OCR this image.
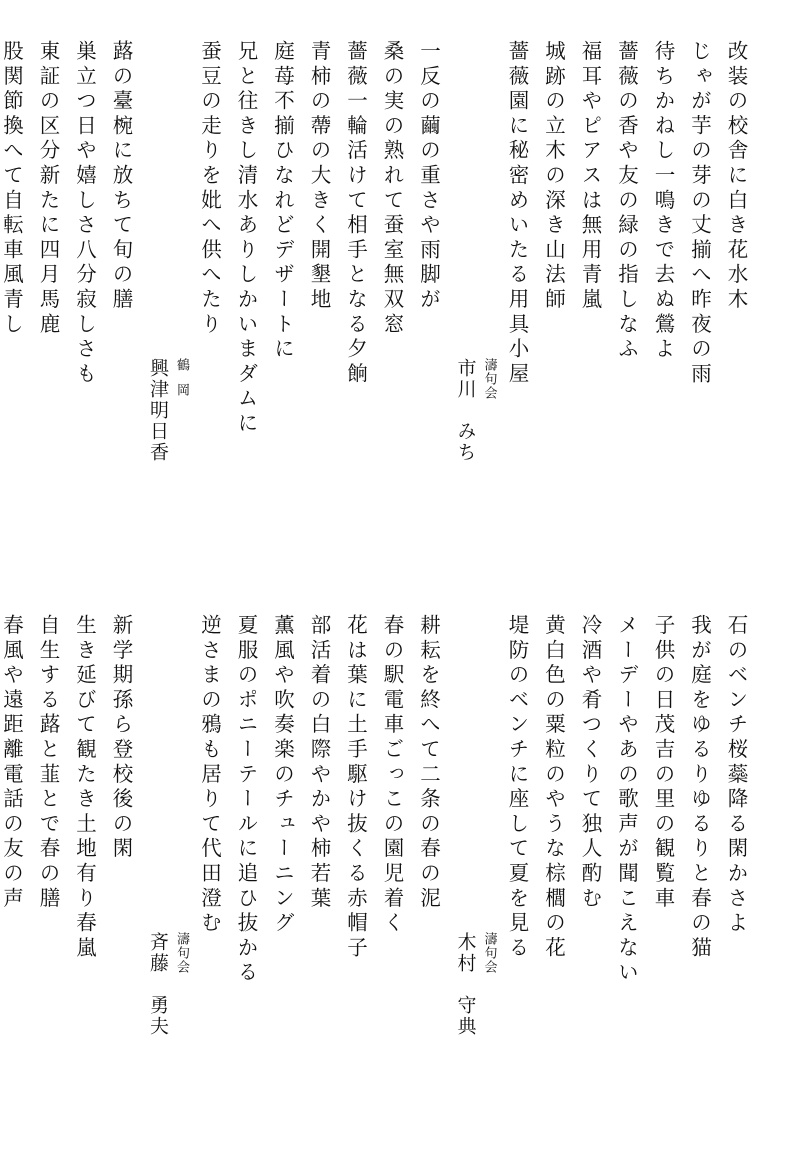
改装の校舎に白き花水木
じゃが芋の芽の丈揃へ昨夜の雨
待ちかねし一鳴きで去ぬ鶯よ
薔薇の香や友の緑の指しなふ
福耳やピアスは無用青嵐
城跡の立木の深き山法師
薔薇園に秘密めいたる用具小屋
濤句会
市川　みち
一反の繭の重さや雨脚が
桑の実の熟れて蚕室無双窓
薔薇一輪活けて相手となる夕餉
青柿の蔕の大きく開墾地
庭苺不揃ひなれどデザートに
兄と往きし清水ありしかいまダムに
蚕豆の走りを妣へ供へたり
鶴岡
興津明日香
蕗の臺椀に放ちて旬の膳
巣立つ日や嬉しさ八分寂しさも
東証の区分新たに四月馬鹿
股関節換へて自転車風青し
石のベンチ桜蘂降る閑かさよ
我が庭をゆるりゆるりと春の猫
子供の日茂吉の里の観覧車
メーデーやあの歌声が聞こえない
冷酒や肴つくりて独人酌む
黄白色の粟粒のやうな棕櫚の花
堤防のベンチに座して夏を見る
濤句会
木村　守典
耕耘を終へて二条の春の泥
春の駅電車ごっこの園児着く
花は葉に土手駆け抜くる赤帽子
部活着の白際やかや柿若葉
薫風や吹奏楽のチューニング
夏服のポニーテールに追ひ抜かる
逆さまの鴉も居りて代田澄む
濤句会
斉藤　勇夫
新学期孫ら登校後の閑
生き延びて観たき土地有り春嵐
自生する蕗と韮とで春の膳
春風や遠距離電話の友の声
